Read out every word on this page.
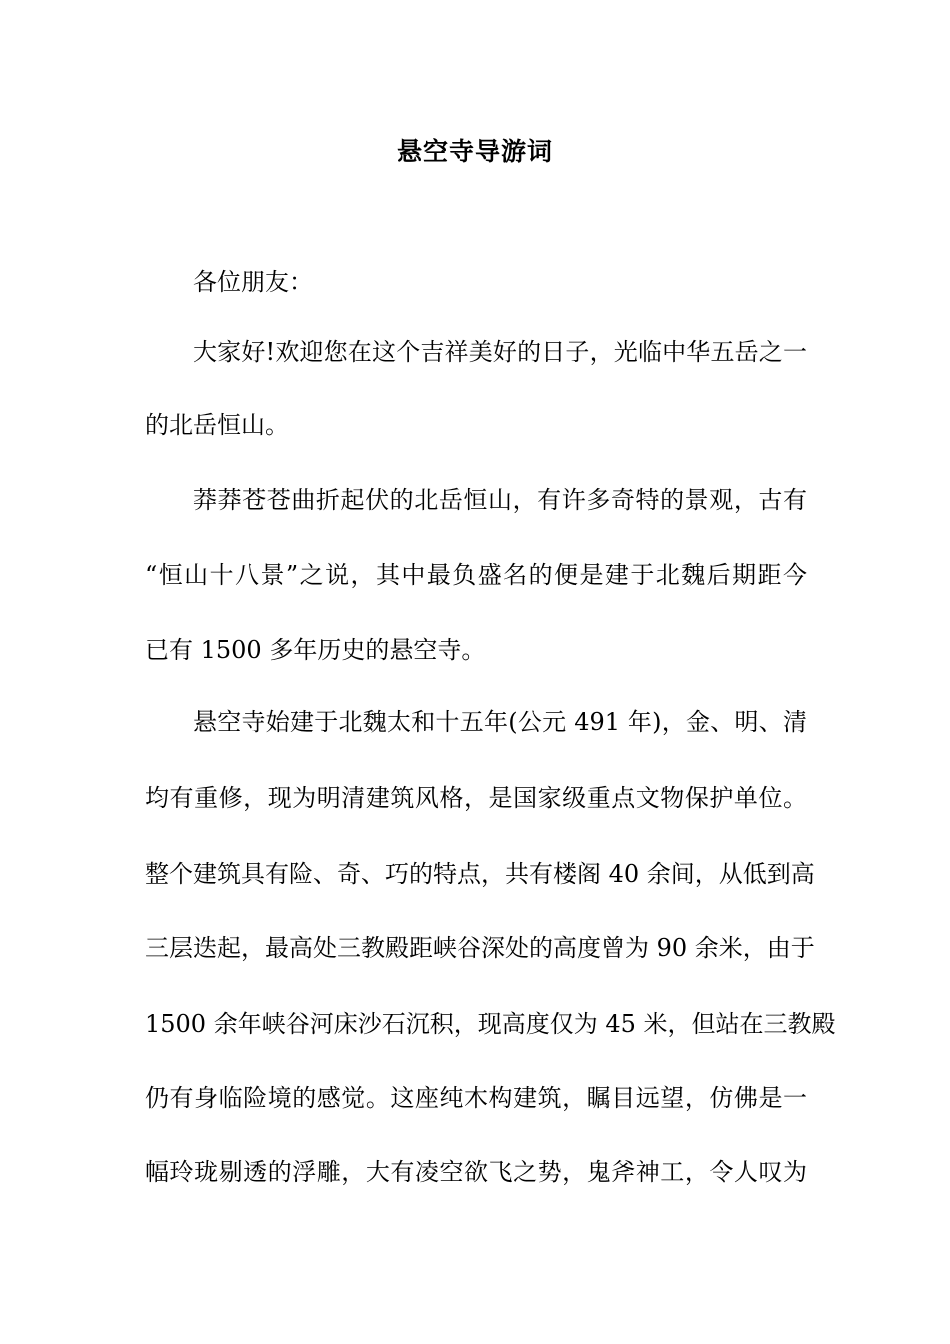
悬空寺导游词
各位朋友：
大家好!欢迎您在这个吉祥美好的日子，光临中华五岳之一
的北岳恒山。
莽莽苍苍曲折起伏的北岳恒山，有许多奇特的景观，古有
“恒山十八景”之说，其中最负盛名的便是建于北魏后期距今
已有 1500 多年历史的悬空寺。
悬空寺始建于北魏太和十五年(公元 491 年)，金、明、清
均有重修，现为明清建筑风格，是国家级重点文物保护单位。
整个建筑具有险、奇、巧的特点，共有楼阁 40 余间，从低到高
三层迭起，最高处三教殿距峡谷深处的高度曾为 90 余米，由于
1500 余年峡谷河床沙石沉积，现高度仅为 45 米，但站在三教殿
仍有身临险境的感觉。这座纯木构建筑，瞩目远望，仿佛是一
幅玲珑剔透的浮雕，大有凌空欲飞之势，鬼斧神工，令人叹为
